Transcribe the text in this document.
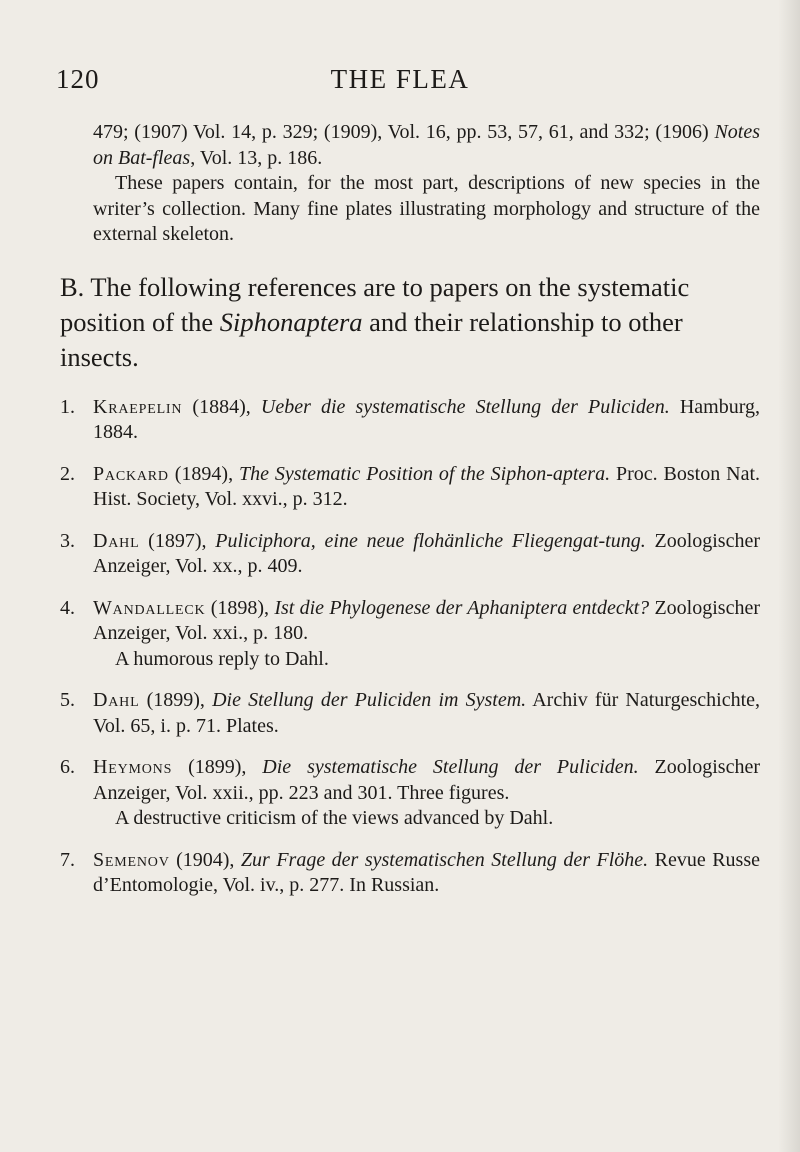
120	THE FLEA

479; (1907) Vol. 14, p. 329; (1909), Vol. 16, pp. 53, 57, 61, and 332; (1906) Notes on Bat-fleas, Vol. 13, p. 186.

These papers contain, for the most part, descriptions of new species in the writer’s collection. Many fine plates illustrating morphology and structure of the external skeleton.

B. The following references are to papers on the systematic position of the Siphonaptera and their relationship to other insects.
1. Kraepelin (1884), Ueber die systematische Stellung der Puliciden. Hamburg, 1884.
2. Packard (1894), The Systematic Position of the Siphon-aptera. Proc. Boston Nat. Hist. Society, Vol. xxvi., p. 312.
3. Dahl (1897), Puliciphora, eine neue flohänliche Fliegengat-tung. Zoologischer Anzeiger, Vol. xx., p. 409.
4. Wandalleck (1898), Ist die Phylogenese der Aphaniptera entdeckt? Zoologischer Anzeiger, Vol. xxi., p. 180.
A humorous reply to Dahl.
5. Dahl (1899), Die Stellung der Puliciden im System. Archiv für Naturgeschichte, Vol. 65, i. p. 71. Plates.
6. Heymons (1899), Die systematische Stellung der Puliciden. Zoologischer Anzeiger, Vol. xxii., pp. 223 and 301. Three figures.
A destructive criticism of the views advanced by Dahl.
7. Semenov (1904), Zur Frage der systematischen Stellung der Flöhe. Revue Russe d’Entomologie, Vol. iv., p. 277. In Russian.
